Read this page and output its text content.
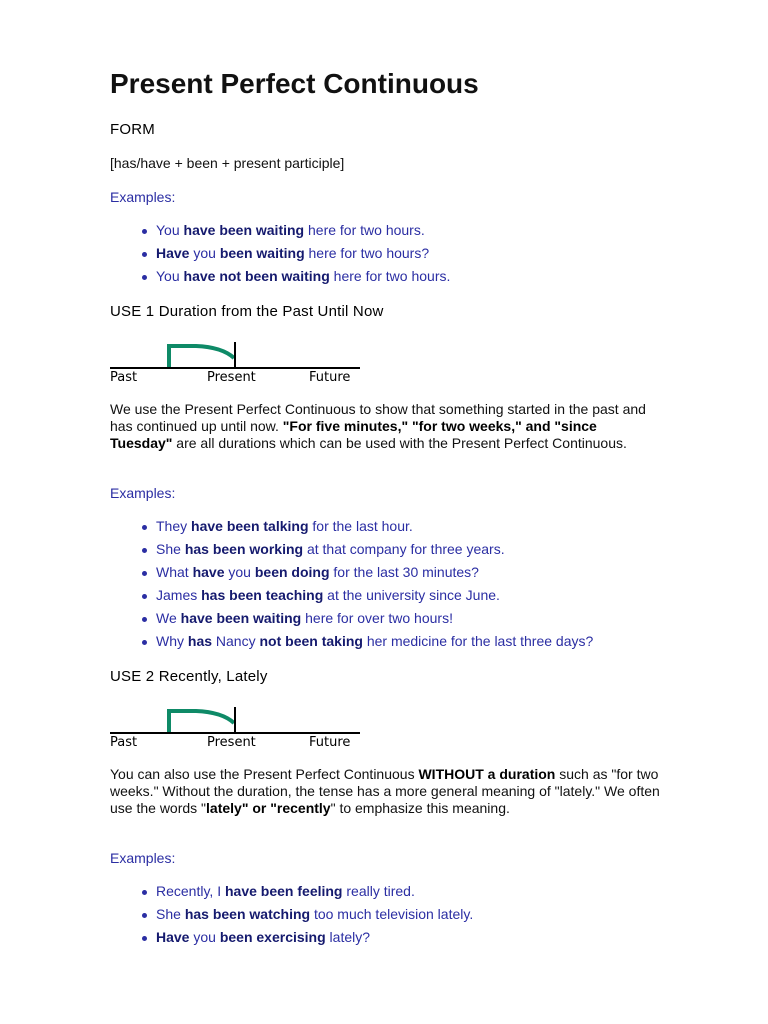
Present Perfect Continuous
FORM
[has/have + been + present participle]
Examples:
You have been waiting here for two hours.
Have you been waiting here for two hours?
You have not been waiting here for two hours.
USE 1 Duration from the Past Until Now
Past	Present	Future
We use the Present Perfect Continuous to show that something started in the past and has continued up until now. "For five minutes," "for two weeks," and "since Tuesday" are all durations which can be used with the Present Perfect Continuous.
Examples:
They have been talking for the last hour.
She has been working at that company for three years.
What have you been doing for the last 30 minutes?
James has been teaching at the university since June.
We have been waiting here for over two hours!
Why has Nancy not been taking her medicine for the last three days?
USE 2 Recently, Lately
Past	Present	Future
You can also use the Present Perfect Continuous WITHOUT a duration such as "for two weeks." Without the duration, the tense has a more general meaning of "lately." We often use the words "lately" or "recently" to emphasize this meaning.
Examples:
Recently, I have been feeling really tired.
She has been watching too much television lately.
Have you been exercising lately?
